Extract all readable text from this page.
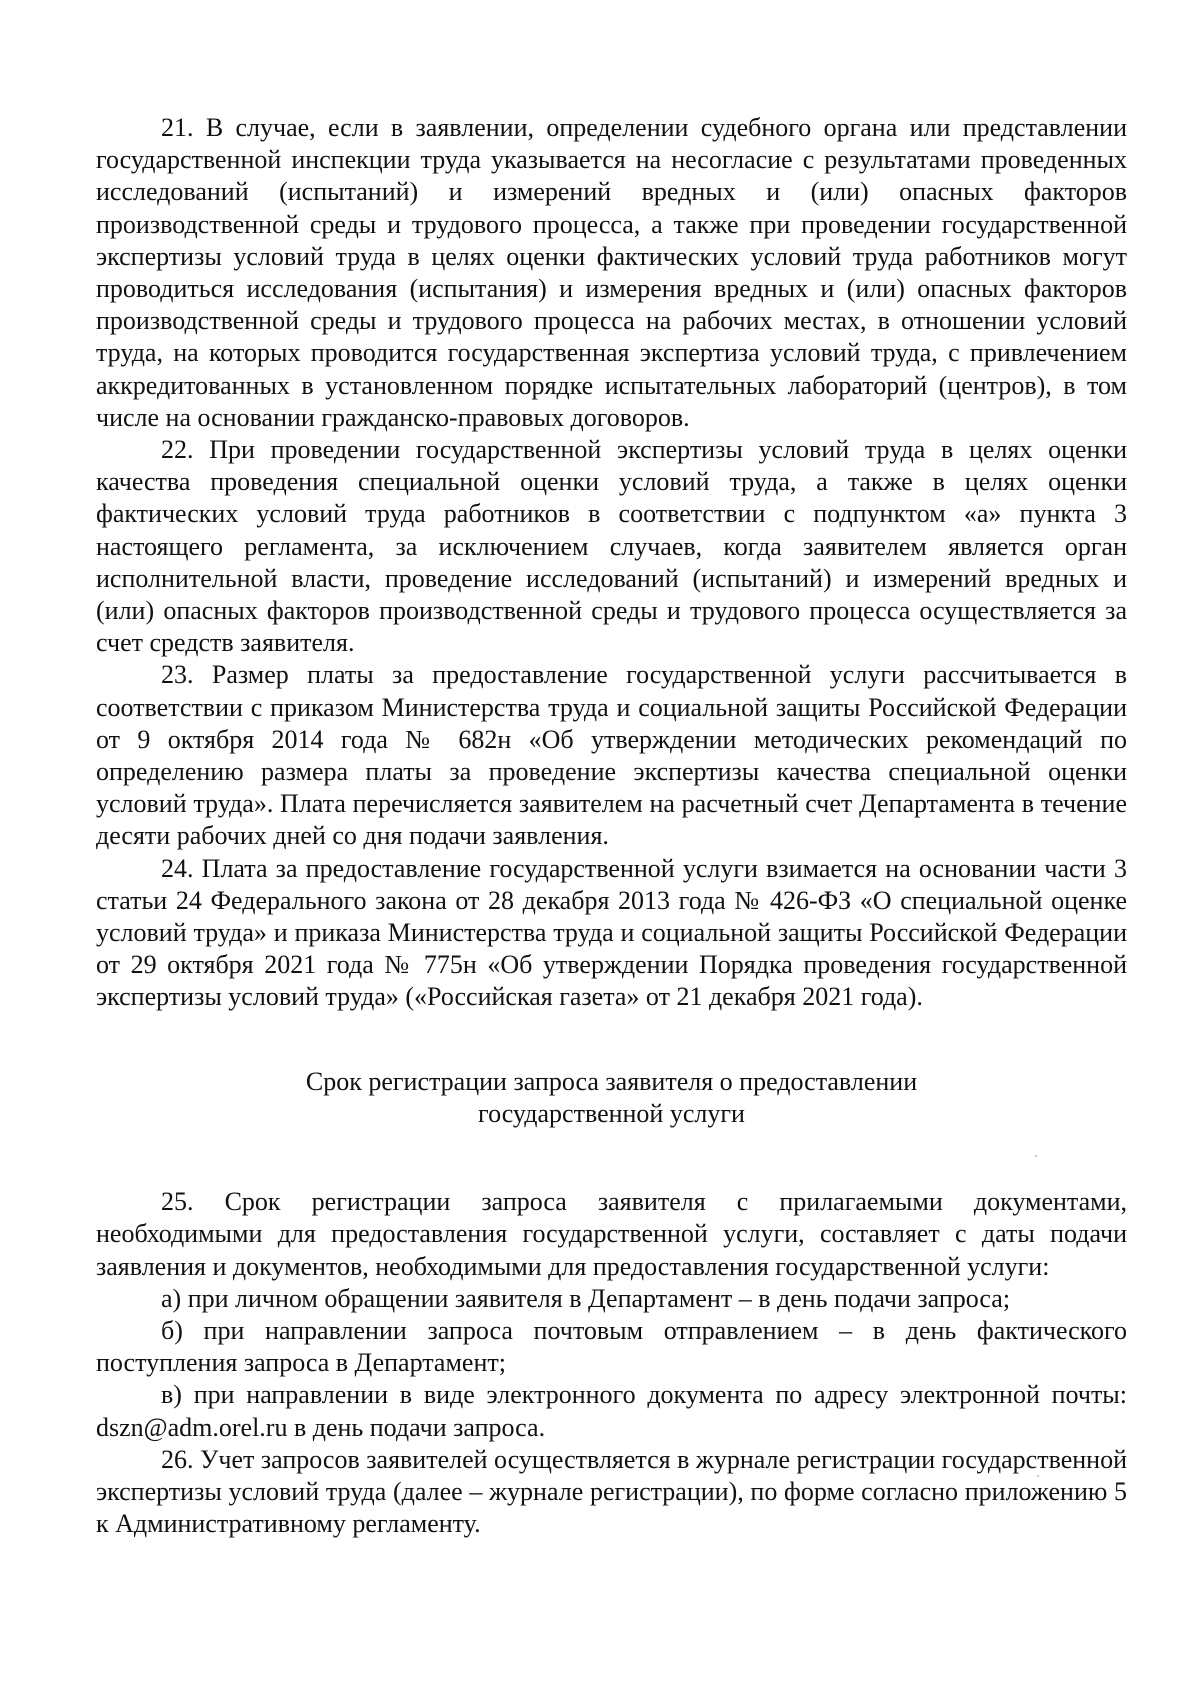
21. В случае, если в заявлении, определении судебного органа или представлении государственной инспекции труда указывается на несогласие с результатами проведенных исследований (испытаний) и измерений вредных и (или) опасных факторов производственной среды и трудового процесса, а также при проведении государственной экспертизы условий труда в целях оценки фактических условий труда работников могут проводиться исследования (испытания) и измерения вредных и (или) опасных факторов производственной среды и трудового процесса на рабочих местах, в отношении условий труда, на которых проводится государственная экспертиза условий труда, с привлечением аккредитованных в установленном порядке испытательных лабораторий (центров), в том числе на основании гражданско-правовых договоров.

22. При проведении государственной экспертизы условий труда в целях оценки качества проведения специальной оценки условий труда, а также в целях оценки фактических условий труда работников в соответствии с подпунктом «а» пункта 3 настоящего регламента, за исключением случаев, когда заявителем является орган исполнительной власти, проведение исследований (испытаний) и измерений вредных и (или) опасных факторов производственной среды и трудового процесса осуществляется за счет средств заявителя.

23. Размер платы за предоставление государственной услуги рассчитывается в соответствии с приказом Министерства труда и социальной защиты Российской Федерации от 9 октября 2014 года № 682н «Об утверждении методических рекомендаций по определению размера платы за проведение экспертизы качества специальной оценки условий труда». Плата перечисляется заявителем на расчетный счет Департамента в течение десяти рабочих дней со дня подачи заявления.

24. Плата за предоставление государственной услуги взимается на основании части 3 статьи 24 Федерального закона от 28 декабря 2013 года № 426-ФЗ «О специальной оценке условий труда» и приказа Министерства труда и социальной защиты Российской Федерации от 29 октября 2021 года № 775н «Об утверждении Порядка проведения государственной экспертизы условий труда» («Российская газета» от 21 декабря 2021 года).

Срок регистрации запроса заявителя о предоставлении
государственной услуги

25. Срок регистрации запроса заявителя с прилагаемыми документами, необходимыми для предоставления государственной услуги, составляет с даты подачи заявления и документов, необходимыми для предоставления государственной услуги:

а) при личном обращении заявителя в Департамент – в день подачи запроса;

б) при направлении запроса почтовым отправлением – в день фактического поступления запроса в Департамент;

в) при направлении в виде электронного документа по адресу электронной почты: dszn@adm.orel.ru в день подачи запроса.

26. Учет запросов заявителей осуществляется в журнале регистрации государственной экспертизы условий труда (далее – журнале регистрации), по форме согласно приложению 5 к Административному регламенту.
